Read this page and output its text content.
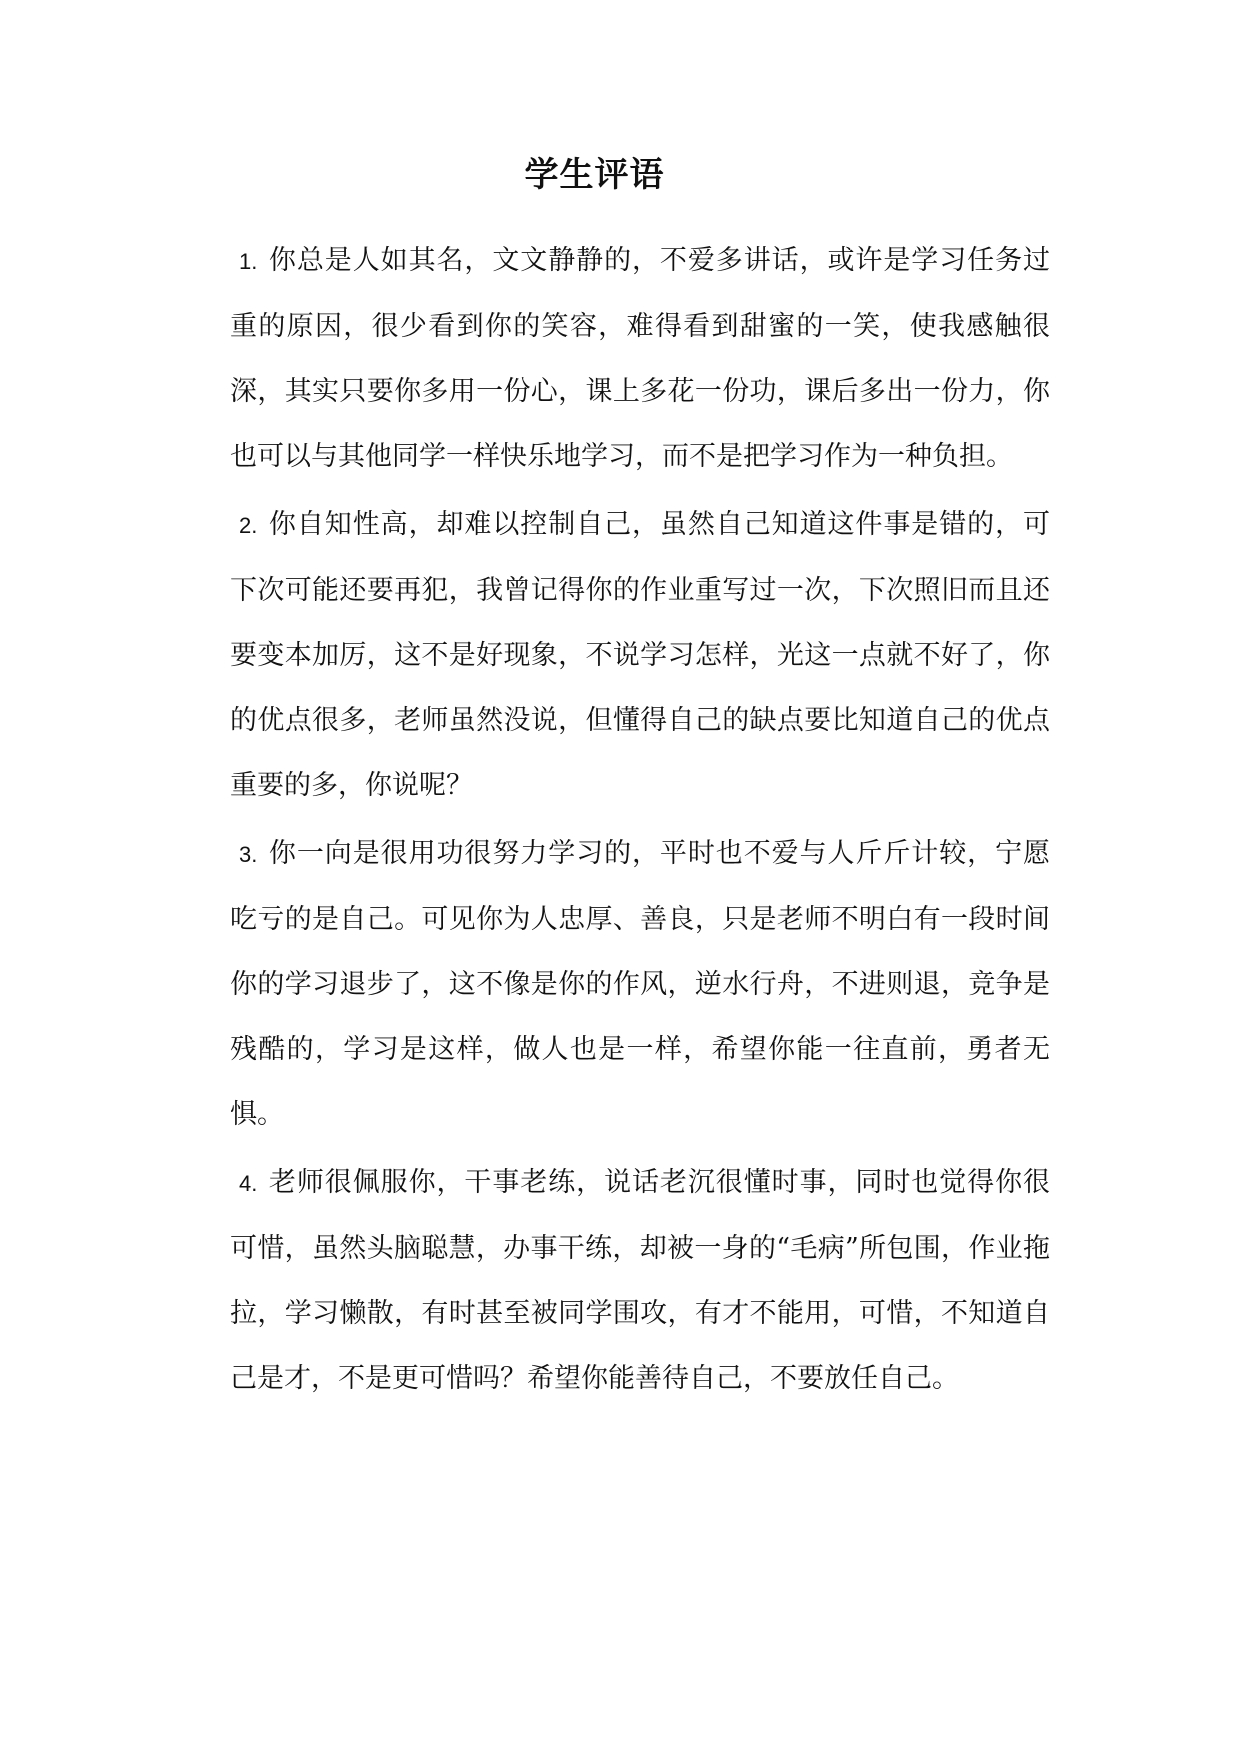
学生评语

1. 你总是人如其名，文文静静的，不爱多讲话，或许是学习任务过重的原因，很少看到你的笑容，难得看到甜蜜的一笑，使我感触很深，其实只要你多用一份心，课上多花一份功，课后多出一份力，你也可以与其他同学一样快乐地学习，而不是把学习作为一种负担。

2. 你自知性高，却难以控制自己，虽然自己知道这件事是错的，可下次可能还要再犯，我曾记得你的作业重写过一次，下次照旧而且还要变本加厉，这不是好现象，不说学习怎样，光这一点就不好了，你的优点很多，老师虽然没说，但懂得自己的缺点要比知道自己的优点重要的多，你说呢？

3. 你一向是很用功很努力学习的，平时也不爱与人斤斤计较，宁愿吃亏的是自己。可见你为人忠厚、善良，只是老师不明白有一段时间你的学习退步了，这不像是你的作风，逆水行舟，不进则退，竞争是残酷的，学习是这样，做人也是一样，希望你能一往直前，勇者无惧。

4. 老师很佩服你，干事老练，说话老沉很懂时事，同时也觉得你很可惜，虽然头脑聪慧，办事干练，却被一身的“毛病”所包围，作业拖拉，学习懒散，有时甚至被同学围攻，有才不能用，可惜，不知道自己是才，不是更可惜吗？希望你能善待自己，不要放任自己。
